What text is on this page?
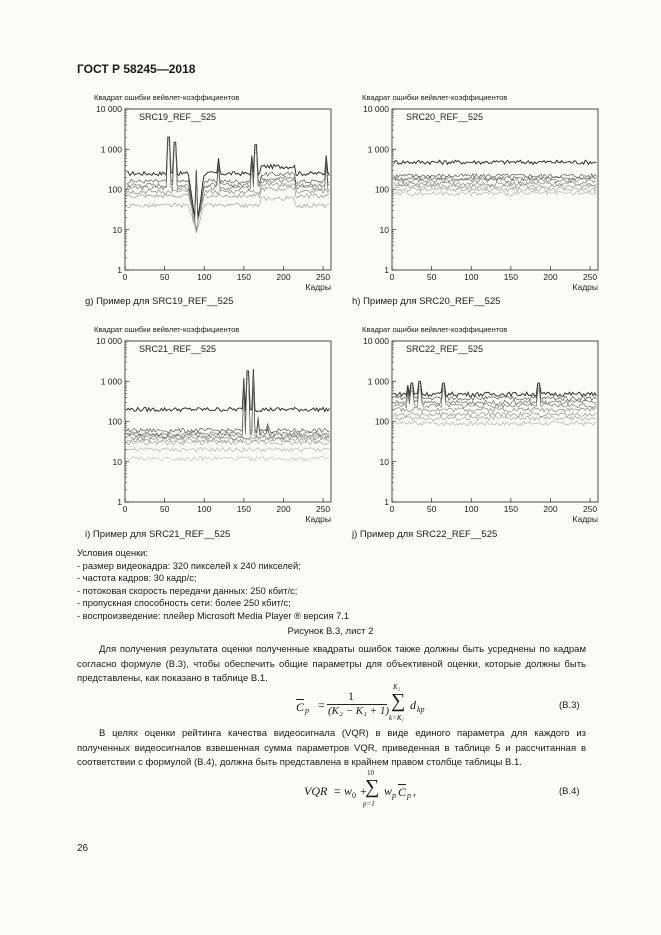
ГОСТ Р 58245—2018
Квадрат ошибки вейвлет-коэффициентов
1
10
100
1 000
10 000
0	50	100	150	200	250
Кадры
SRC19_REF__525
g) Пример для SRC19_REF__525
Квадрат ошибки вейвлет-коэффициентов
1
10
100
1 000
10 000
0	50	100	150	200	250
Кадры
SRC20_REF__525
h) Пример для SRC20_REF__525
Квадрат ошибки вейвлет-коэффициентов
1
10
100
1 000
10 000
0	50	100	150	200	250
Кадры
SRC21_REF__525
i) Пример для SRC21_REF__525
Квадрат ошибки вейвлет-коэффициентов
1
10
100
1 000
10 000
0	50	100	150	200	250
Кадры
SRC22_REF__525
j) Пример для SRC22_REF__525
Условия оценки:
- размер видеокадра: 320 пикселей х 240 пикселей;
- частота кадров: 30 кадр/с;
- потоковая скорость передачи данных: 250 кбит/с;
- пропускная способность сети: более 250 кбит/с;
- воспроизведение: плейер Microsoft Media Player ® версия 7.1
Рисунок В.3, лист 2
Для получения результата оценки полученные квадраты ошибок также должны быть усреднены по кадрам согласно формуле (В.3), чтобы обеспечить общие параметры для объективной оценки, которые должны быть представлены, как показано в таблице В.1.
C p =
1
(K₂ − K₁ + 1)
K₂
∑
k=K₁
d kp	(В.3)
В целях оценки рейтинга качества видеосигнала (VQR) в виде единого параметра для каждого из полученных видеосигналов взвешенная сумма параметров VQR, приведенная в таблице 5 и рассчитанная в соответствии с формулой (В.4), должна быть представлена в крайнем правом столбце таблицы В.1.
VQR = w 0 +
10
∑
p=1
w p C p ,	(В.4)
26
